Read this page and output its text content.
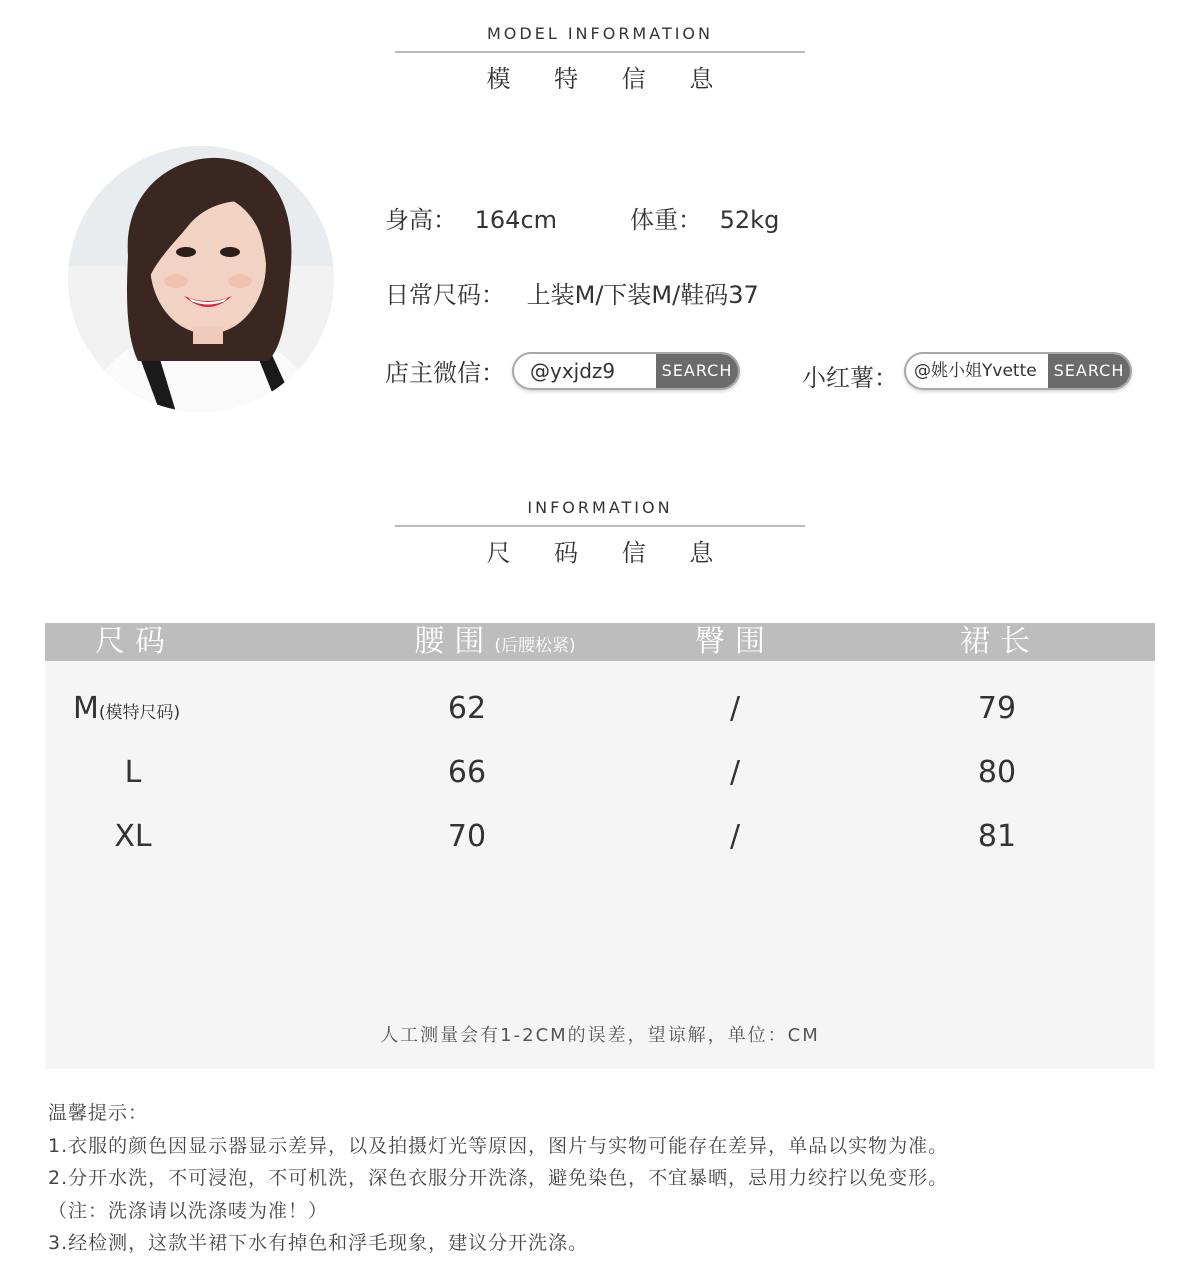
MODEL INFORMATION
模 特 信 息
身高： 164cm	体重： 52kg
日常尺码： 上装M/下装M/鞋码37
店主微信：	@yxjdz9	SEARCH	小红薯： @姚小姐Yvette	SEARCH
INFORMATION
尺 码 信 息
尺码	腰围(后腰松紧)	臀围	裙长
M(模特尺码)	62	/	79
L	66	/	80
XL	70	/	81
人工测量会有1-2CM的误差，望谅解，单位：CM

温馨提示：

1.衣服的颜色因显示器显示差异，以及拍摄灯光等原因，图片与实物可能存在差异，单品以实物为准。

2.分开水洗，不可浸泡，不可机洗，深色衣服分开洗涤，避免染色，不宜暴晒，忌用力绞拧以免变形。

（注：洗涤请以洗涤唛为准！）

3.经检测，这款半裙下水有掉色和浮毛现象，建议分开洗涤。
